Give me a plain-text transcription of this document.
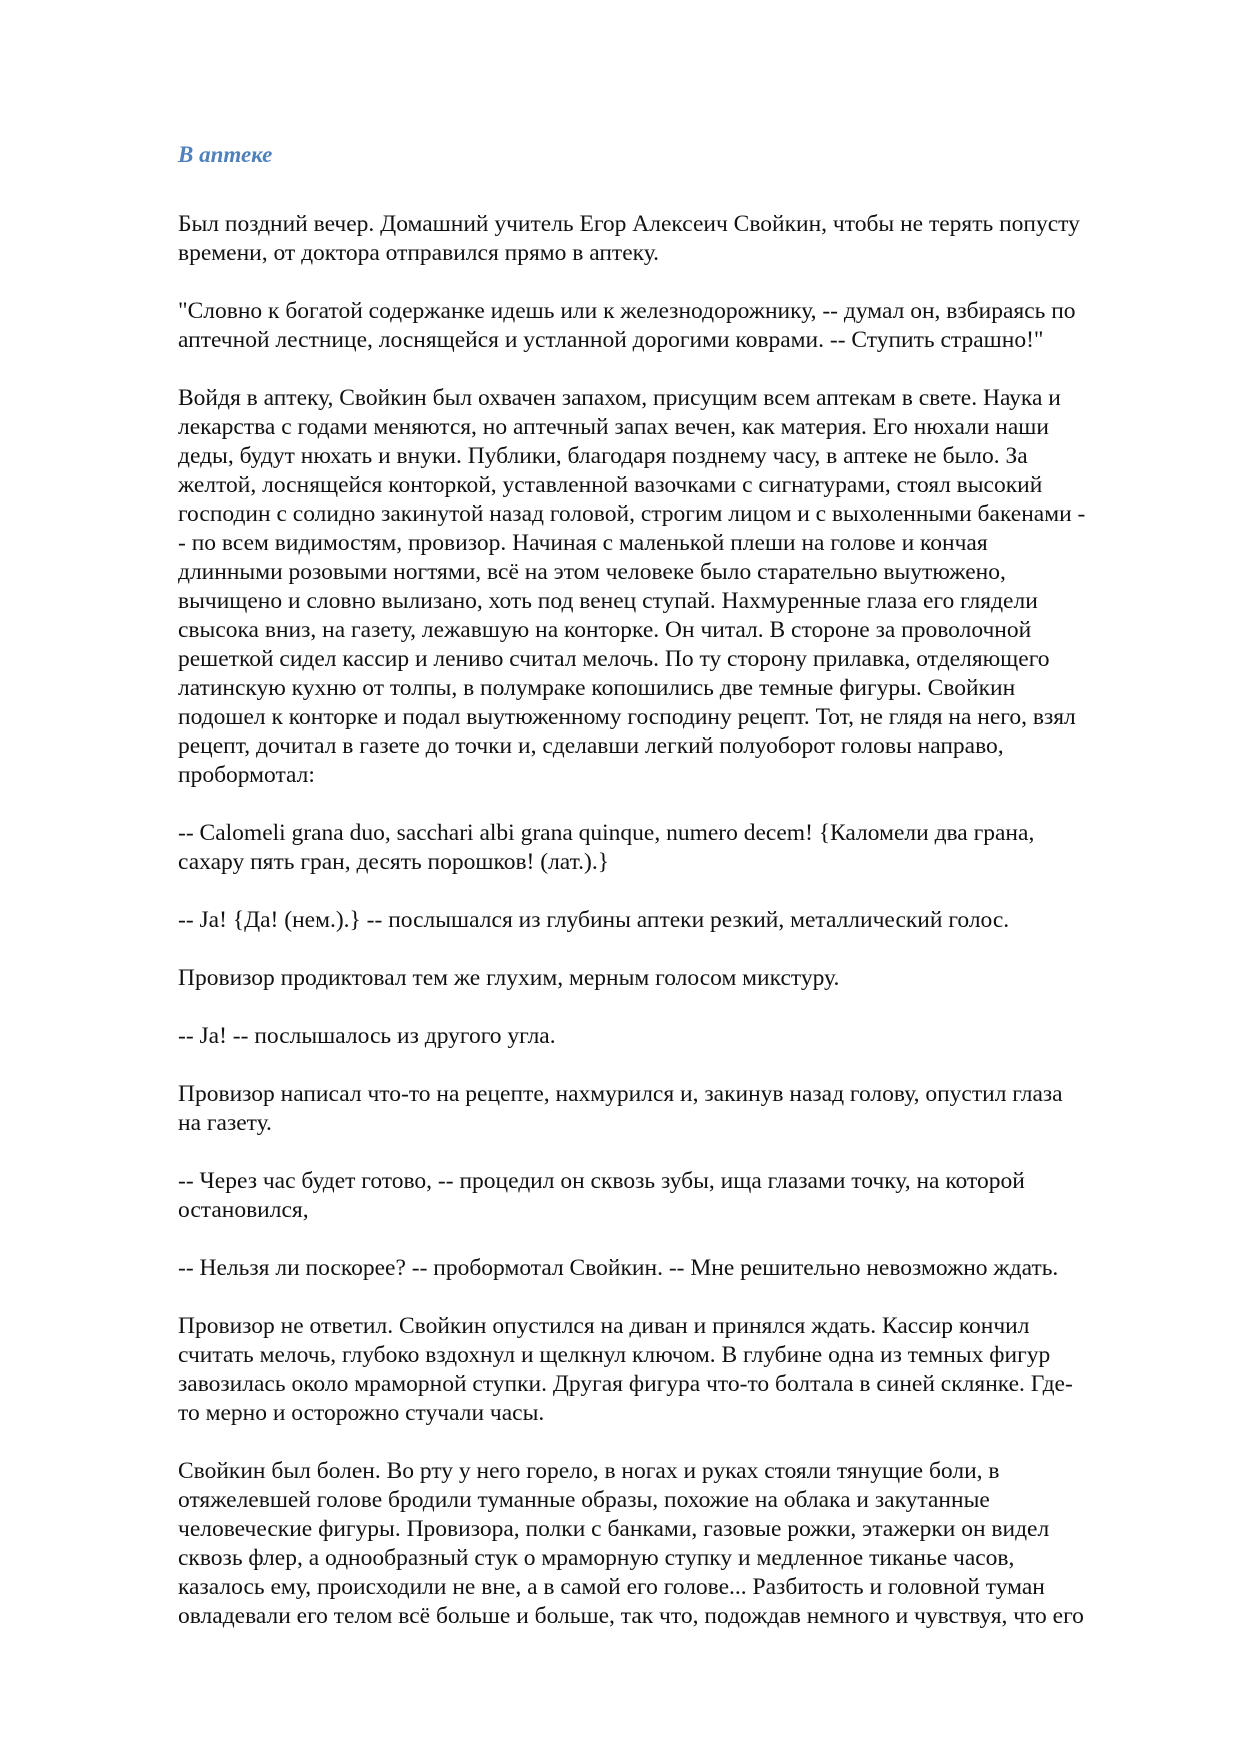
В аптеке

Был поздний вечер. Домашний учитель Егор Алексеич Свойкин, чтобы не терять попусту
времени, от доктора отправился прямо в аптеку.

"Словно к богатой содержанке идешь или к железнодорожнику, -- думал он, взбираясь по
аптечной лестнице, лоснящейся и устланной дорогими коврами. -- Ступить страшно!"

Войдя в аптеку, Свойкин был охвачен запахом, присущим всем аптекам в свете. Наука и
лекарства с годами меняются, но аптечный запах вечен, как материя. Его нюхали наши
деды, будут нюхать и внуки. Публики, благодаря позднему часу, в аптеке не было. За
желтой, лоснящейся конторкой, уставленной вазочками с сигнатурами, стоял высокий
господин с солидно закинутой назад головой, строгим лицом и с выхоленными бакенами -
- по всем видимостям, провизор. Начиная с маленькой плеши на голове и кончая
длинными розовыми ногтями, всё на этом человеке было старательно выутюжено,
вычищено и словно вылизано, хоть под венец ступай. Нахмуренные глаза его глядели
свысока вниз, на газету, лежавшую на конторке. Он читал. В стороне за проволочной
решеткой сидел кассир и лениво считал мелочь. По ту сторону прилавка, отделяющего
латинскую кухню от толпы, в полумраке копошились две темные фигуры. Свойкин
подошел к конторке и подал выутюженному господину рецепт. Тот, не глядя на него, взял
рецепт, дочитал в газете до точки и, сделавши легкий полуоборот головы направо,
пробормотал:

-- Calomeli grana duo, sacchari albi grana quinque, numero decem! {Каломели два грана,
сахару пять гран, десять порошков! (лат.).}

-- Ja! {Да! (нем.).} -- послышался из глубины аптеки резкий, металлический голос.

Провизор продиктовал тем же глухим, мерным голосом микстуру.

-- Ja! -- послышалось из другого угла.

Провизор написал что-то на рецепте, нахмурился и, закинув назад голову, опустил глаза
на газету.

-- Через час будет готово, -- процедил он сквозь зубы, ища глазами точку, на которой
остановился,

-- Нельзя ли поскорее? -- пробормотал Свойкин. -- Мне решительно невозможно ждать.

Провизор не ответил. Свойкин опустился на диван и принялся ждать. Кассир кончил
считать мелочь, глубоко вздохнул и щелкнул ключом. В глубине одна из темных фигур
завозилась около мраморной ступки. Другая фигура что-то болтала в синей склянке. Где-
то мерно и осторожно стучали часы.

Свойкин был болен. Во рту у него горело, в ногах и руках стояли тянущие боли, в
отяжелевшей голове бродили туманные образы, похожие на облака и закутанные
человеческие фигуры. Провизора, полки с банками, газовые рожки, этажерки он видел
сквозь флер, а однообразный стук о мраморную ступку и медленное тиканье часов,
казалось ему, происходили не вне, а в самой его голове... Разбитость и головной туман
овладевали его телом всё больше и больше, так что, подождав немного и чувствуя, что его
